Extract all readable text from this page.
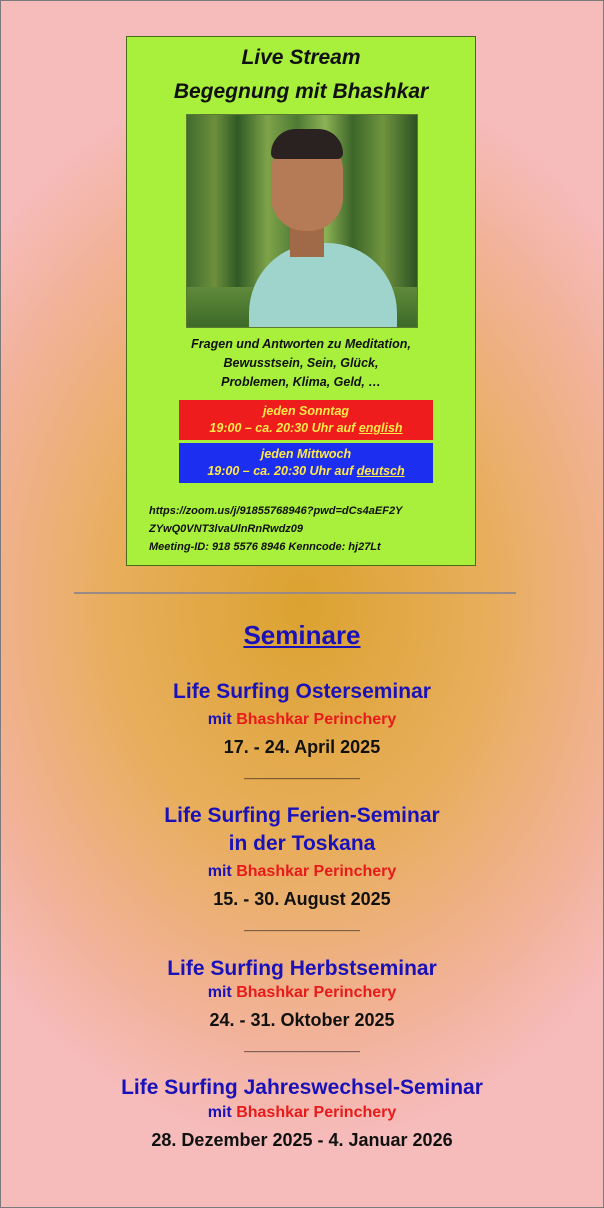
Live Stream
Begegnung mit Bhashkar
Fragen und Antworten zu Meditation,
Bewusstsein, Sein, Glück,
Problemen, Klima, Geld, …
jeden Sonntag
19:00 – ca. 20:30 Uhr auf english
jeden Mittwoch
19:00 – ca. 20:30 Uhr auf deutsch
https://zoom.us/j/91855768946?pwd=dCs4aEF2Y
ZYwQ0VNT3lvaUlnRnRwdz09
Meeting-ID: 918 5576 8946 Kenncode: hj27Lt
Seminare
Life Surfing Osterseminar
mit Bhashkar Perinchery
17. - 24. April 2025
_____________
Life Surfing Ferien-Seminar
in der Toskana
mit Bhashkar Perinchery
15. - 30. August 2025
_____________
Life Surfing Herbstseminar
mit Bhashkar Perinchery
24. - 31. Oktober 2025
_____________
Life Surfing Jahreswechsel-Seminar
mit Bhashkar Perinchery
28. Dezember 2025 - 4. Januar 2026
